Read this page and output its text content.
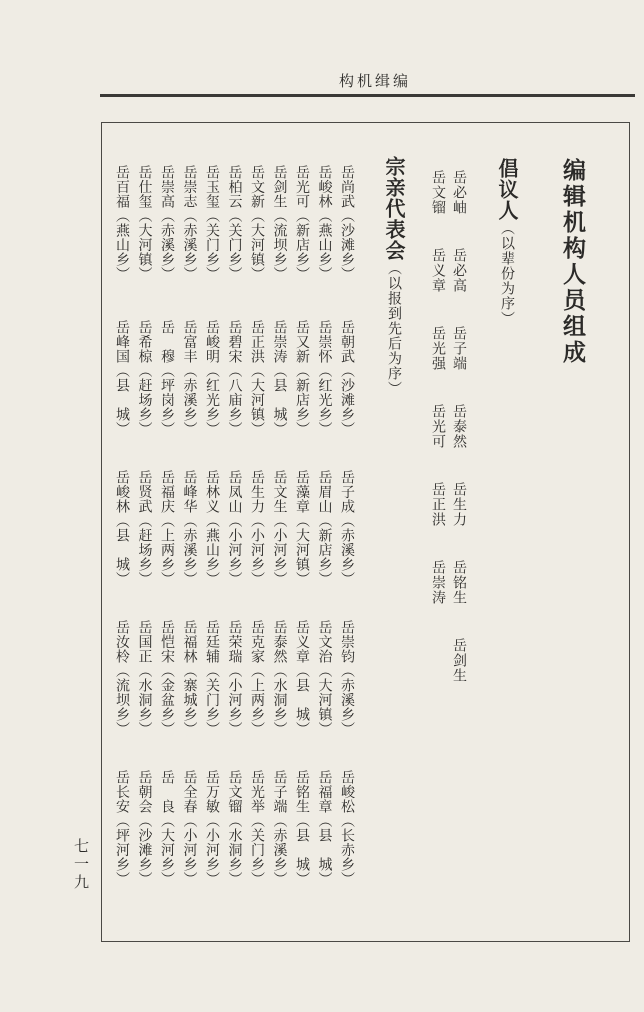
构机缉编
编辑机构人员组成
倡议人（以辈份为序）
岳必岫
岳必高
岳子端
岳泰然
岳生力
岳铭生
岳剑生
岳文镏
岳义章
岳光强
岳光可
岳正洪
岳崇涛
宗亲代表会（以报到先后为序）
岳尚武（沙滩乡）
岳朝武（沙滩乡）
岳子成（赤溪乡）
岳崇钧（赤溪乡）
岳峻松（长赤乡）
岳峻林（燕山乡）
岳崇怀（红光乡）
岳眉山（新店乡）
岳文治（大河镇）
岳福章（县　城）
岳光可（新店乡）
岳又新（新店乡）
岳藻章（大河镇）
岳义章（县　城）
岳铭生（县　城）
岳剑生（流坝乡）
岳崇涛（县　城）
岳文生（小河乡）
岳泰然（水洞乡）
岳子端（赤溪乡）
岳文新（大河镇）
岳正洪（大河镇）
岳生力（小河乡）
岳克家（上两乡）
岳光举（关门乡）
岳柏云（关门乡）
岳碧宋（八庙乡）
岳凤山（小河乡）
岳荣瑞（小河乡）
岳文镏（水洞乡）
岳玉玺（关门乡）
岳峻明（红光乡）
岳林义（燕山乡）
岳廷辅（关门乡）
岳万敏（小河乡）
岳崇志（赤溪乡）
岳富丰（赤溪乡）
岳峰华（赤溪乡）
岳福林（寨城乡）
岳全春（小河乡）
岳崇高（赤溪乡）
岳　穆（坪岗乡）
岳福庆（上两乡）
岳恺宋（金盆乡）
岳　良（大河乡）
岳仕玺（大河镇）
岳希椋（赶场乡）
岳贤武（赶场乡）
岳国正（水洞乡）
岳朝会（沙滩乡）
岳百福（燕山乡）
岳峰国（县　城）
岳峻林（县　城）
岳汝柃（流坝乡）
岳长安（坪河乡）
七一九
